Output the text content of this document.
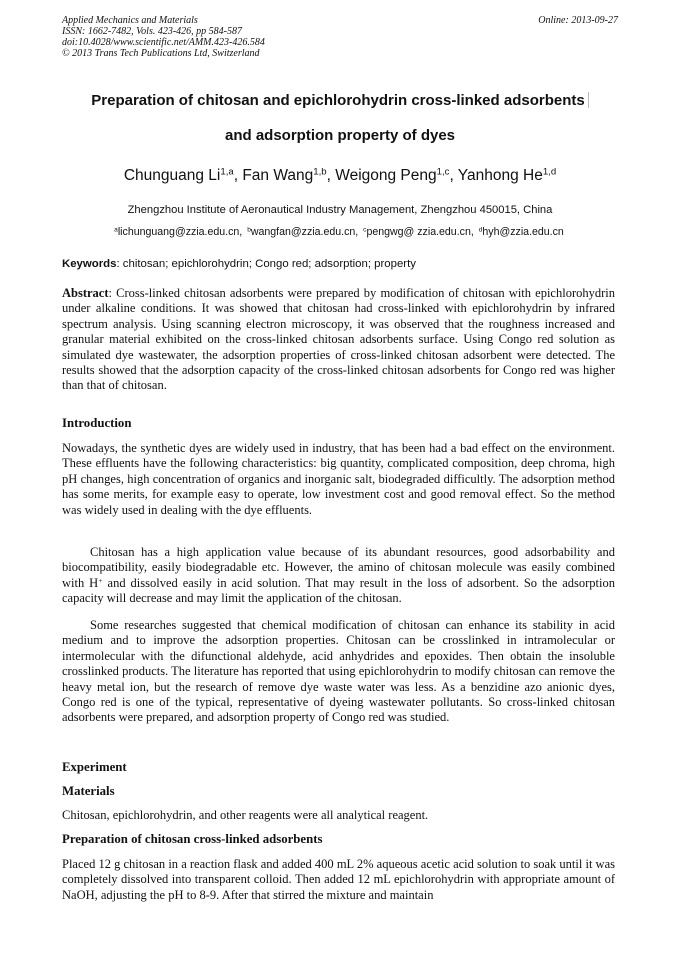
Applied Mechanics and Materials
ISSN: 1662-7482, Vols. 423-426, pp 584-587
doi:10.4028/www.scientific.net/AMM.423-426.584
© 2013 Trans Tech Publications Ltd, Switzerland
Online: 2013-09-27
Preparation of chitosan and epichlorohydrin cross-linked adsorbents
and adsorption property of dyes
Chunguang Li$^{1,a}$, Fan Wang$^{1,b}$, Weigong Peng$^{1,c}$, Yanhong He$^{1,d}$
Zhengzhou Institute of Aeronautical Industry Management, Zhengzhou 450015, China
$^a$lichunguang@zzia.edu.cn, $^b$wangfan@zzia.edu.cn, $^c$pengwg@ zzia.edu.cn, $^d$hyh@zzia.edu.cn
Keywords: chitosan; epichlorohydrin; Congo red; adsorption; property
Abstract: Cross-linked chitosan adsorbents were prepared by modification of chitosan with epichlorohydrin under alkaline conditions. It was showed that chitosan had cross-linked with epichlorohydrin by infrared spectrum analysis. Using scanning electron microscopy, it was observed that the roughness increased and granular material exhibited on the cross-linked chitosan adsorbents surface. Using Congo red solution as simulated dye wastewater, the adsorption properties of cross-linked chitosan adsorbent were detected. The results showed that the adsorption capacity of the cross-linked chitosan adsorbents for Congo red was higher than that of chitosan.
Introduction
Nowadays, the synthetic dyes are widely used in industry, that has been had a bad effect on the environment. These effluents have the following characteristics: big quantity, complicated composition, deep chroma, high pH changes, high concentration of organics and inorganic salt, biodegraded difficultly. The adsorption method has some merits, for example easy to operate, low investment cost and good removal effect. So the method was widely used in dealing with the dye effluents.
Chitosan has a high application value because of its abundant resources, good adsorbability and biocompatibility, easily biodegradable etc. However, the amino of chitosan molecule was easily combined with H+ and dissolved easily in acid solution. That may result in the loss of adsorbent. So the adsorption capacity will decrease and may limit the application of the chitosan.
Some researches suggested that chemical modification of chitosan can enhance its stability in acid medium and to improve the adsorption properties. Chitosan can be crosslinked in intramolecular or intermolecular with the difunctional aldehyde, acid anhydrides and epoxides. Then obtain the insoluble crosslinked products. The literature has reported that using epichlorohydrin to modify chitosan can remove the heavy metal ion, but the research of remove dye waste water was less. As a benzidine azo anionic dyes, Congo red is one of the typical, representative of dyeing wastewater pollutants. So cross-linked chitosan adsorbents were prepared, and adsorption property of Congo red was studied.
Experiment
Materials
Chitosan, epichlorohydrin, and other reagents were all analytical reagent.
Preparation of chitosan cross-linked adsorbents
Placed 12 g chitosan in a reaction flask and added 400 mL 2% aqueous acetic acid solution to soak until it was completely dissolved into transparent colloid. Then added 12 mL epichlorohydrin with appropriate amount of NaOH, adjusting the pH to 8-9. After that stirred the mixture and maintain
